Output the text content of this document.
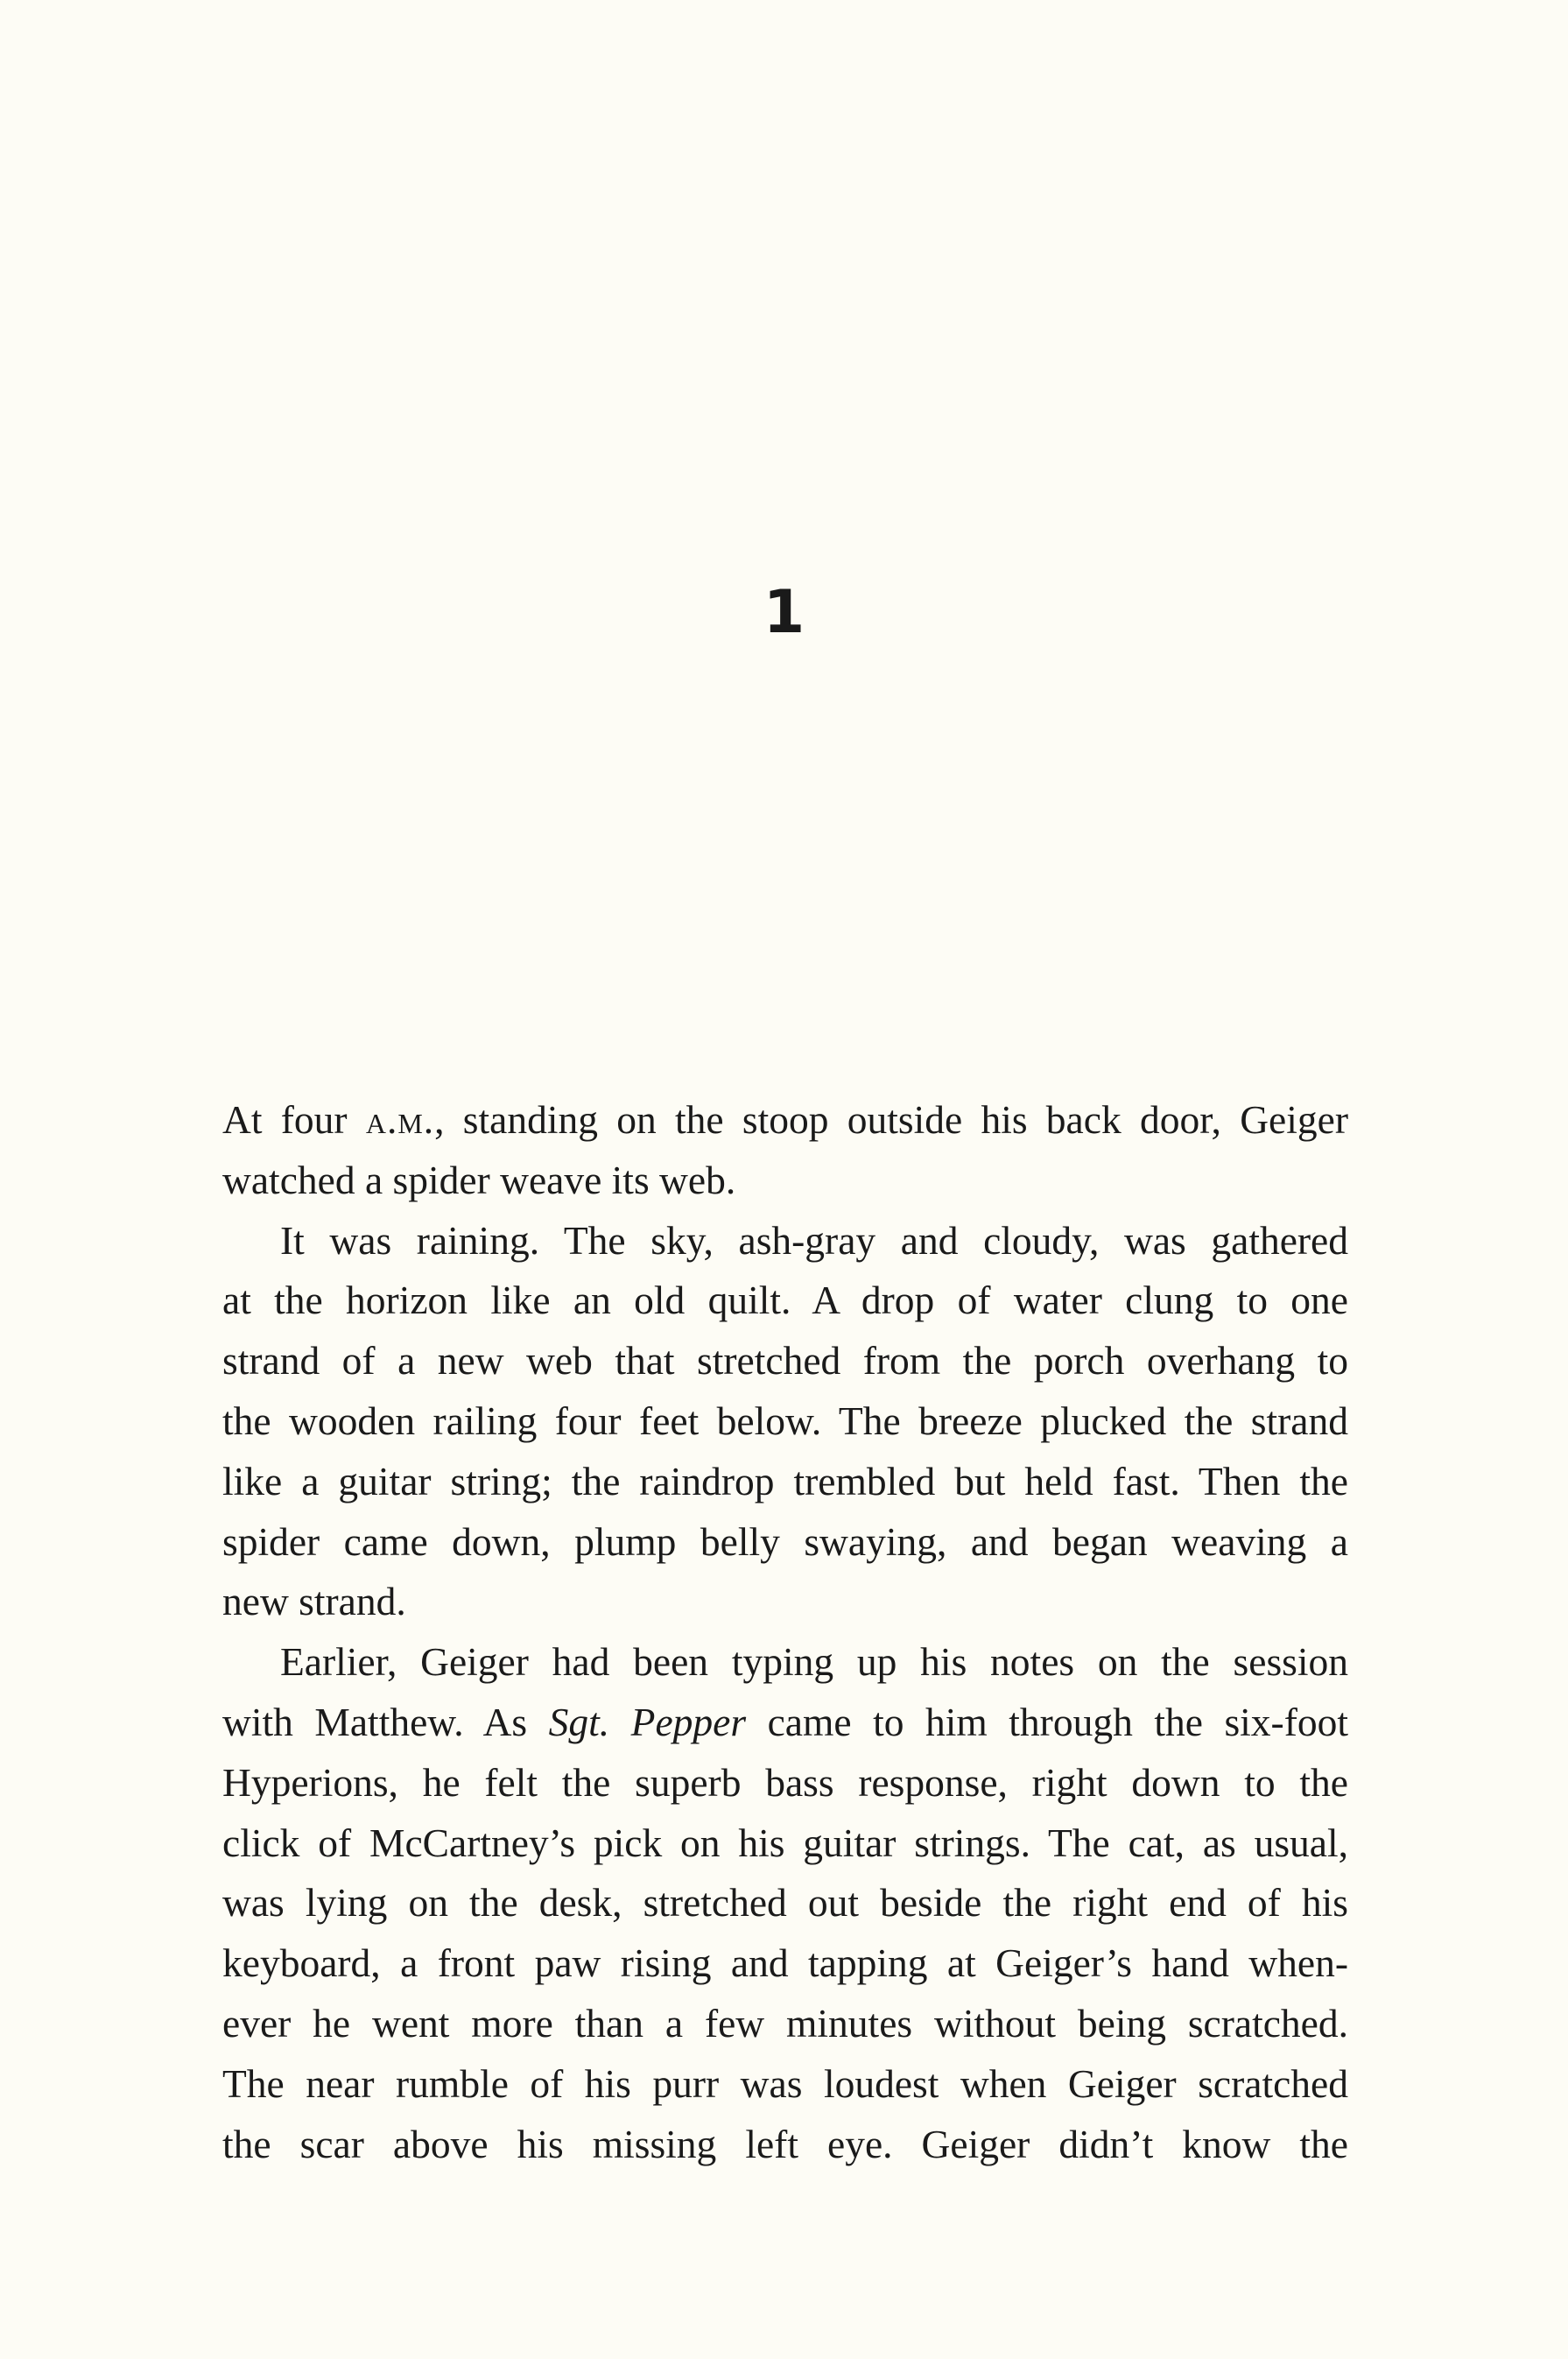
1

At four a.m., standing on the stoop outside his back door, Geiger
watched a spider weave its web.

It was raining. The sky, ash-gray and cloudy, was gathered
at the horizon like an old quilt. A drop of water clung to one
strand of a new web that stretched from the porch overhang to
the wooden railing four feet below. The breeze plucked the strand
like a guitar string; the raindrop trembled but held fast. Then the
spider came down, plump belly swaying, and began weaving a
new strand.

Earlier, Geiger had been typing up his notes on the session
with Matthew. As Sgt. Pepper came to him through the six-foot
Hyperions, he felt the superb bass response, right down to the
click of McCartney’s pick on his guitar strings. The cat, as usual,
was lying on the desk, stretched out beside the right end of his
keyboard, a front paw rising and tapping at Geiger’s hand when-
ever he went more than a few minutes without being scratched.
The near rumble of his purr was loudest when Geiger scratched
the scar above his missing left eye. Geiger didn’t know the
